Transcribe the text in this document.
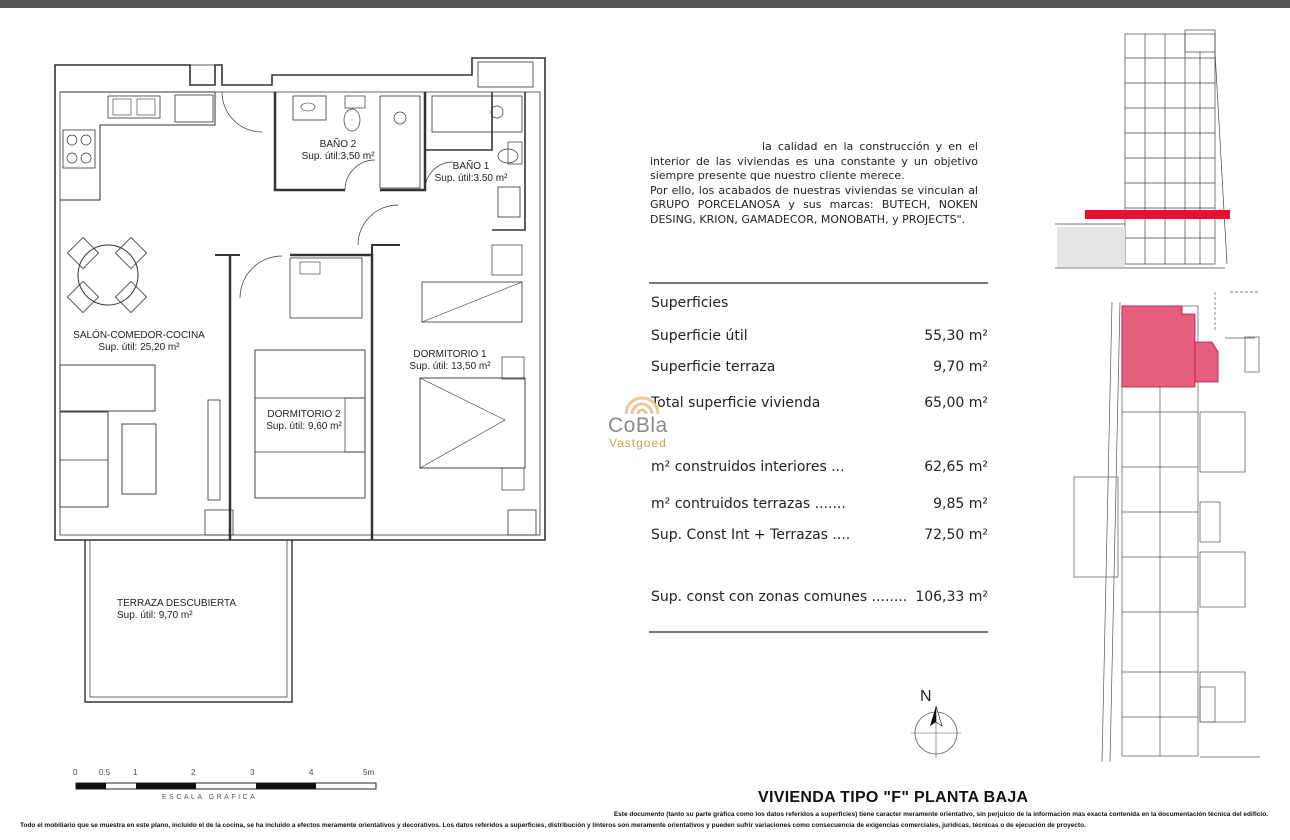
BAÑO 2
Sup. útil:3,50 m²
BAÑO 1
Sup. útil:3.50 m²
SALÓN-COMEDOR-COCINA
Sup. útil: 25,20 m²
DORMITORIO 1
Sup. útil: 13,50 m²
DORMITORIO 2
Sup. útil: 9,60 m²
TERRAZA DESCUBIERTA
Sup. útil: 9,70 m²
0	0.5	1	2	3	4	5m
ESCALA GRAFICA

la calidad en la construcción y en el interior de las viviendas es una constante y un objetivo siempre presente que nuestro cliente merece.

Por ello, los acabados de nuestras viviendas se vinculan al GRUPO PORCELANOSA y sus marcas: BUTECH, NOKEN DESING, KRION, GAMADECOR, MONOBATH, y PROJECTS".

Superficies
Superficie útil	55,30 m²
Superficie terraza	9,70 m²
Total superficie vivienda	65,00 m²
m² construidos interiores ...	62,65 m²
m² contruidos terrazas .......	9,85 m²
Sup. Const Int + Terrazas ....	72,50 m²
Sup. const con zonas comunes ........ 106,33 m²
CoBla
Vastgoed
N
VIVIENDA TIPO "F" PLANTA BAJA
Este documento (tanto su parte gráfica como los datos referidos a superficies) tiene caracter meramente orientativo, sin perjuicio de la información más exacta contenida en la documentación técnica del edificio.
Todo el mobiliario que se muestra en este plano, incluido el de la cocina, se ha incluido a efectos meramente orientativos y decorativos. Los datos referidos a superficies, distribución y linteros son meramente orientativos y pueden sufrir variaciones como consecuencia de exigencias comerciales, jurídicas, técnicas o de ejecución de proyecto.
